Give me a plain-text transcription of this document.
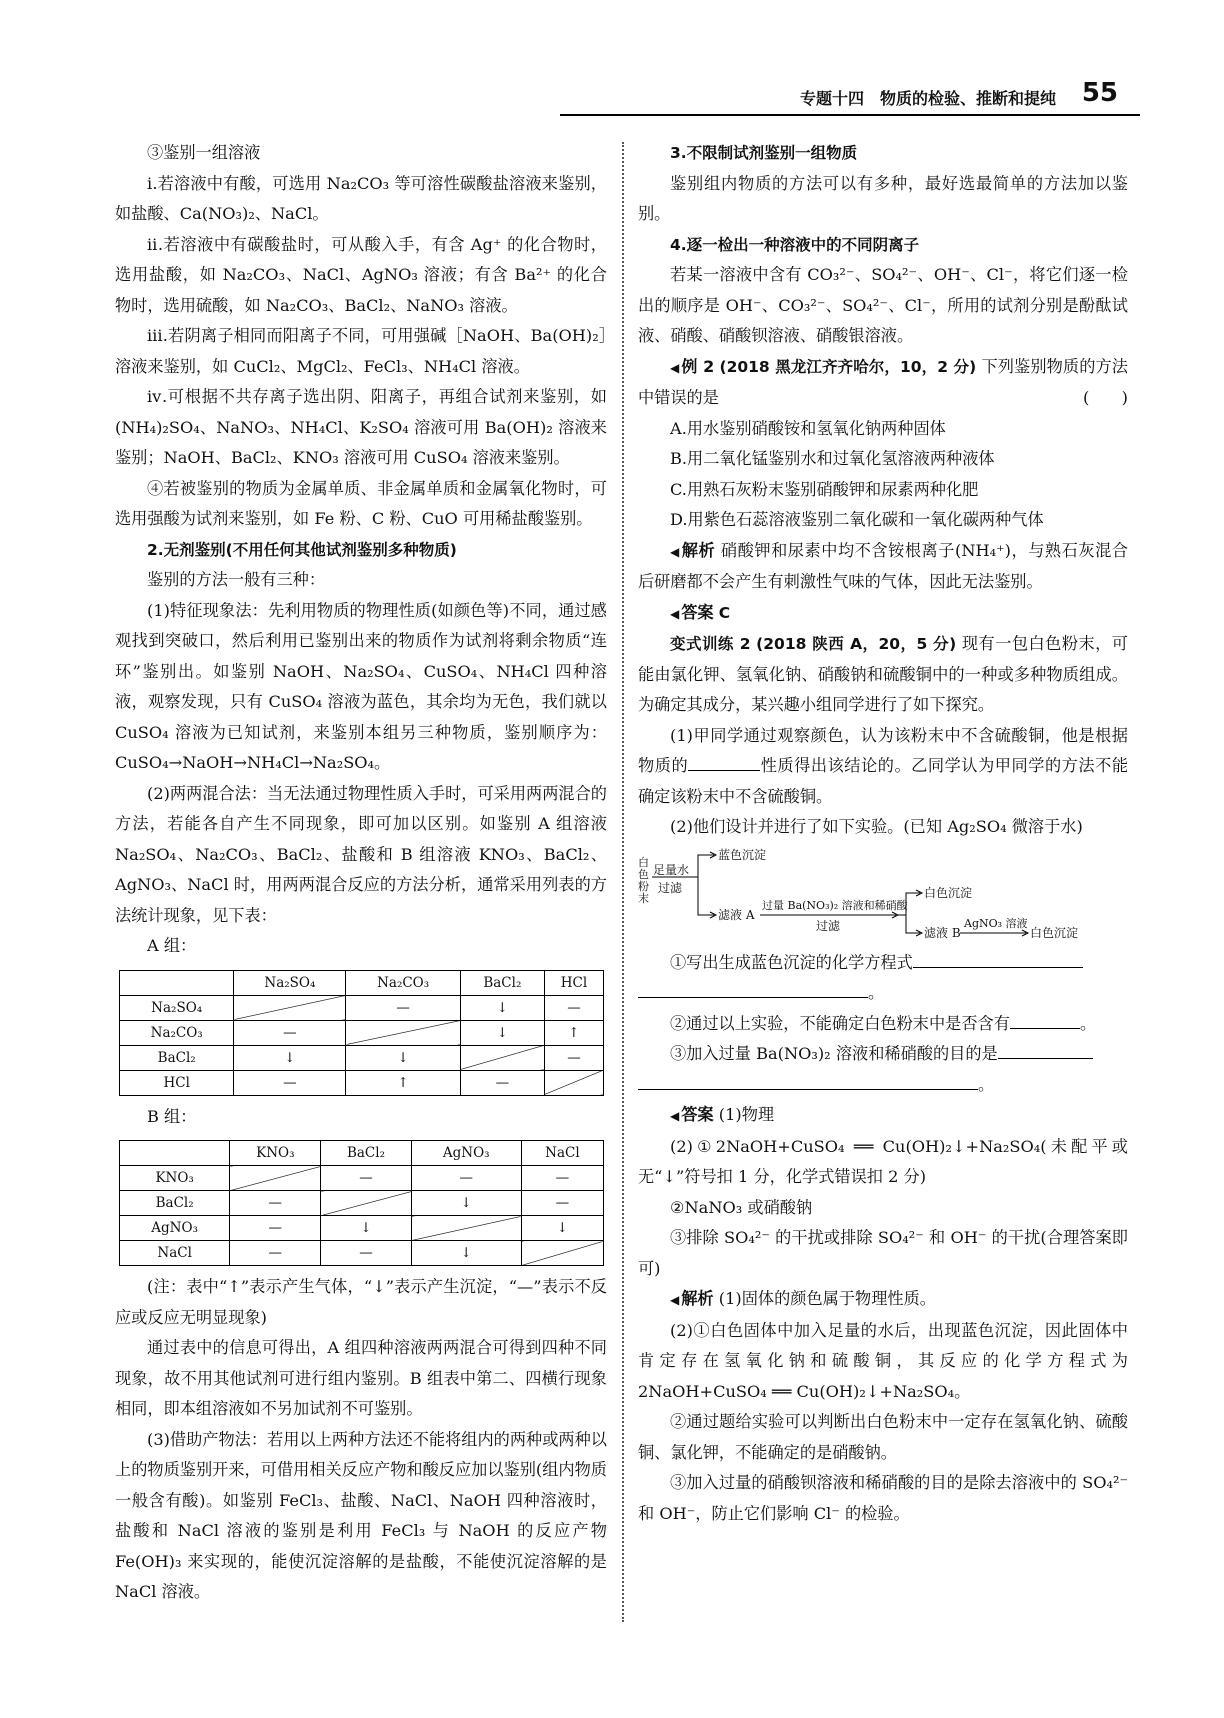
专题十四　物质的检验、推断和提纯 55

③鉴别一组溶液

ⅰ.若溶液中有酸，可选用 Na₂CO₃ 等可溶性碳酸盐溶液来鉴别，如盐酸、Ca(NO₃)₂、NaCl。

ⅱ.若溶液中有碳酸盐时，可从酸入手，有含 Ag⁺ 的化合物时，选用盐酸，如 Na₂CO₃、NaCl、AgNO₃ 溶液；有含 Ba²⁺ 的化合物时，选用硫酸，如 Na₂CO₃、BaCl₂、NaNO₃ 溶液。

ⅲ.若阴离子相同而阳离子不同，可用强碱［NaOH、Ba(OH)₂］溶液来鉴别，如 CuCl₂、MgCl₂、FeCl₃、NH₄Cl 溶液。

ⅳ.可根据不共存离子选出阴、阳离子，再组合试剂来鉴别，如(NH₄)₂SO₄、NaNO₃、NH₄Cl、K₂SO₄ 溶液可用 Ba(OH)₂ 溶液来鉴别；NaOH、BaCl₂、KNO₃ 溶液可用 CuSO₄ 溶液来鉴别。

④若被鉴别的物质为金属单质、非金属单质和金属氧化物时，可选用强酸为试剂来鉴别，如 Fe 粉、C 粉、CuO 可用稀盐酸鉴别。

2.无剂鉴别(不用任何其他试剂鉴别多种物质)

鉴别的方法一般有三种：

(1)特征现象法：先利用物质的物理性质(如颜色等)不同，通过感观找到突破口，然后利用已鉴别出来的物质作为试剂将剩余物质“连环”鉴别出。如鉴别 NaOH、Na₂SO₄、CuSO₄、NH₄Cl 四种溶液，观察发现，只有 CuSO₄ 溶液为蓝色，其余均为无色，我们就以 CuSO₄ 溶液为已知试剂，来鉴别本组另三种物质，鉴别顺序为：CuSO₄→NaOH→NH₄Cl→Na₂SO₄。

(2)两两混合法：当无法通过物理性质入手时，可采用两两混合的方法，若能各自产生不同现象，即可加以区别。如鉴别 A 组溶液 Na₂SO₄、Na₂CO₃、BaCl₂、盐酸和 B 组溶液 KNO₃、BaCl₂、AgNO₃、NaCl 时，用两两混合反应的方法分析，通常采用列表的方法统计现象，见下表：

A 组：

	Na₂SO₄	Na₂CO₃	BaCl₂	HCl
Na₂SO₄		—	↓	—
Na₂CO₃	—		↓	↑
BaCl₂	↓	↓		—
HCl	—	↑	—	

B 组：

	KNO₃	BaCl₂	AgNO₃	NaCl
KNO₃		—	—	—
BaCl₂	—		↓	—
AgNO₃	—	↓		↓
NaCl	—	—	↓	

(注：表中“↑”表示产生气体，“↓”表示产生沉淀，“—”表示不反应或反应无明显现象)

通过表中的信息可得出，A 组四种溶液两两混合可得到四种不同现象，故不用其他试剂可进行组内鉴别。B 组表中第二、四横行现象相同，即本组溶液如不另加试剂不可鉴别。

(3)借助产物法：若用以上两种方法还不能将组内的两种或两种以上的物质鉴别开来，可借用相关反应产物和酸反应加以鉴别(组内物质一般含有酸)。如鉴别 FeCl₃、盐酸、NaCl、NaOH 四种溶液时，盐酸和 NaCl 溶液的鉴别是利用 FeCl₃ 与 NaOH 的反应产物 Fe(OH)₃ 来实现的，能使沉淀溶解的是盐酸，不能使沉淀溶解的是 NaCl 溶液。

3.不限制试剂鉴别一组物质

鉴别组内物质的方法可以有多种，最好选最简单的方法加以鉴别。

4.逐一检出一种溶液中的不同阴离子

若某一溶液中含有 CO₃²⁻、SO₄²⁻、OH⁻、Cl⁻，将它们逐一检出的顺序是 OH⁻、CO₃²⁻、SO₄²⁻、Cl⁻，所用的试剂分别是酚酞试液、硝酸、硝酸钡溶液、硝酸银溶液。

◀ 例 2 (2018 黑龙江齐齐哈尔，10，2 分) 下列鉴别物质的方法中错误的是	(　　)

A.用水鉴别硝酸铵和氢氧化钠两种固体

B.用二氧化锰鉴别水和过氧化氢溶液两种液体

C.用熟石灰粉末鉴别硝酸钾和尿素两种化肥

D.用紫色石蕊溶液鉴别二氧化碳和一氧化碳两种气体

◀ 解析 硝酸钾和尿素中均不含铵根离子(NH₄⁺)，与熟石灰混合后研磨都不会产生有刺激性气味的气体，因此无法鉴别。

◀ 答案 C

变式训练 2 (2018 陕西 A，20，5 分) 现有一包白色粉末，可能由氯化钾、氢氧化钠、硝酸钠和硫酸铜中的一种或多种物质组成。为确定其成分，某兴趣小组同学进行了如下探究。

(1)甲同学通过观察颜色，认为该粉末中不含硫酸铜，他是根据物质的	性质得出该结论的。乙同学认为甲同学的方法不能确定该粉末中不含硫酸铜。

(2)他们设计并进行了如下实验。(已知 Ag₂SO₄ 微溶于水)

白色粉末
足量水
过滤
蓝色沉淀
滤液 A
过量 Ba(NO₃)₂ 溶液和稀硝酸
过滤
白色沉淀
滤液 B
AgNO₃ 溶液
白色沉淀

①写出生成蓝色沉淀的化学方程式

。

②通过以上实验，不能确定白色粉末中是否含有	。

③加入过量 Ba(NO₃)₂ 溶液和稀硝酸的目的是

。

◀ 答案 (1)物理

(2)①2NaOH+CuSO₄ ══ Cu(OH)₂↓+Na₂SO₄(未配平或无“↓”符号扣 1 分，化学式错误扣 2 分)

②NaNO₃ 或硝酸钠

③排除 SO₄²⁻ 的干扰或排除 SO₄²⁻ 和 OH⁻ 的干扰(合理答案即可)

◀ 解析 (1)固体的颜色属于物理性质。

(2)①白色固体中加入足量的水后，出现蓝色沉淀，因此固体中肯定存在氢氧化钠和硫酸铜，其反应的化学方程式为 2NaOH+CuSO₄ ══ Cu(OH)₂↓+Na₂SO₄。

②通过题给实验可以判断出白色粉末中一定存在氢氧化钠、硫酸铜、氯化钾，不能确定的是硝酸钠。

③加入过量的硝酸钡溶液和稀硝酸的目的是除去溶液中的 SO₄²⁻ 和 OH⁻，防止它们影响 Cl⁻ 的检验。
